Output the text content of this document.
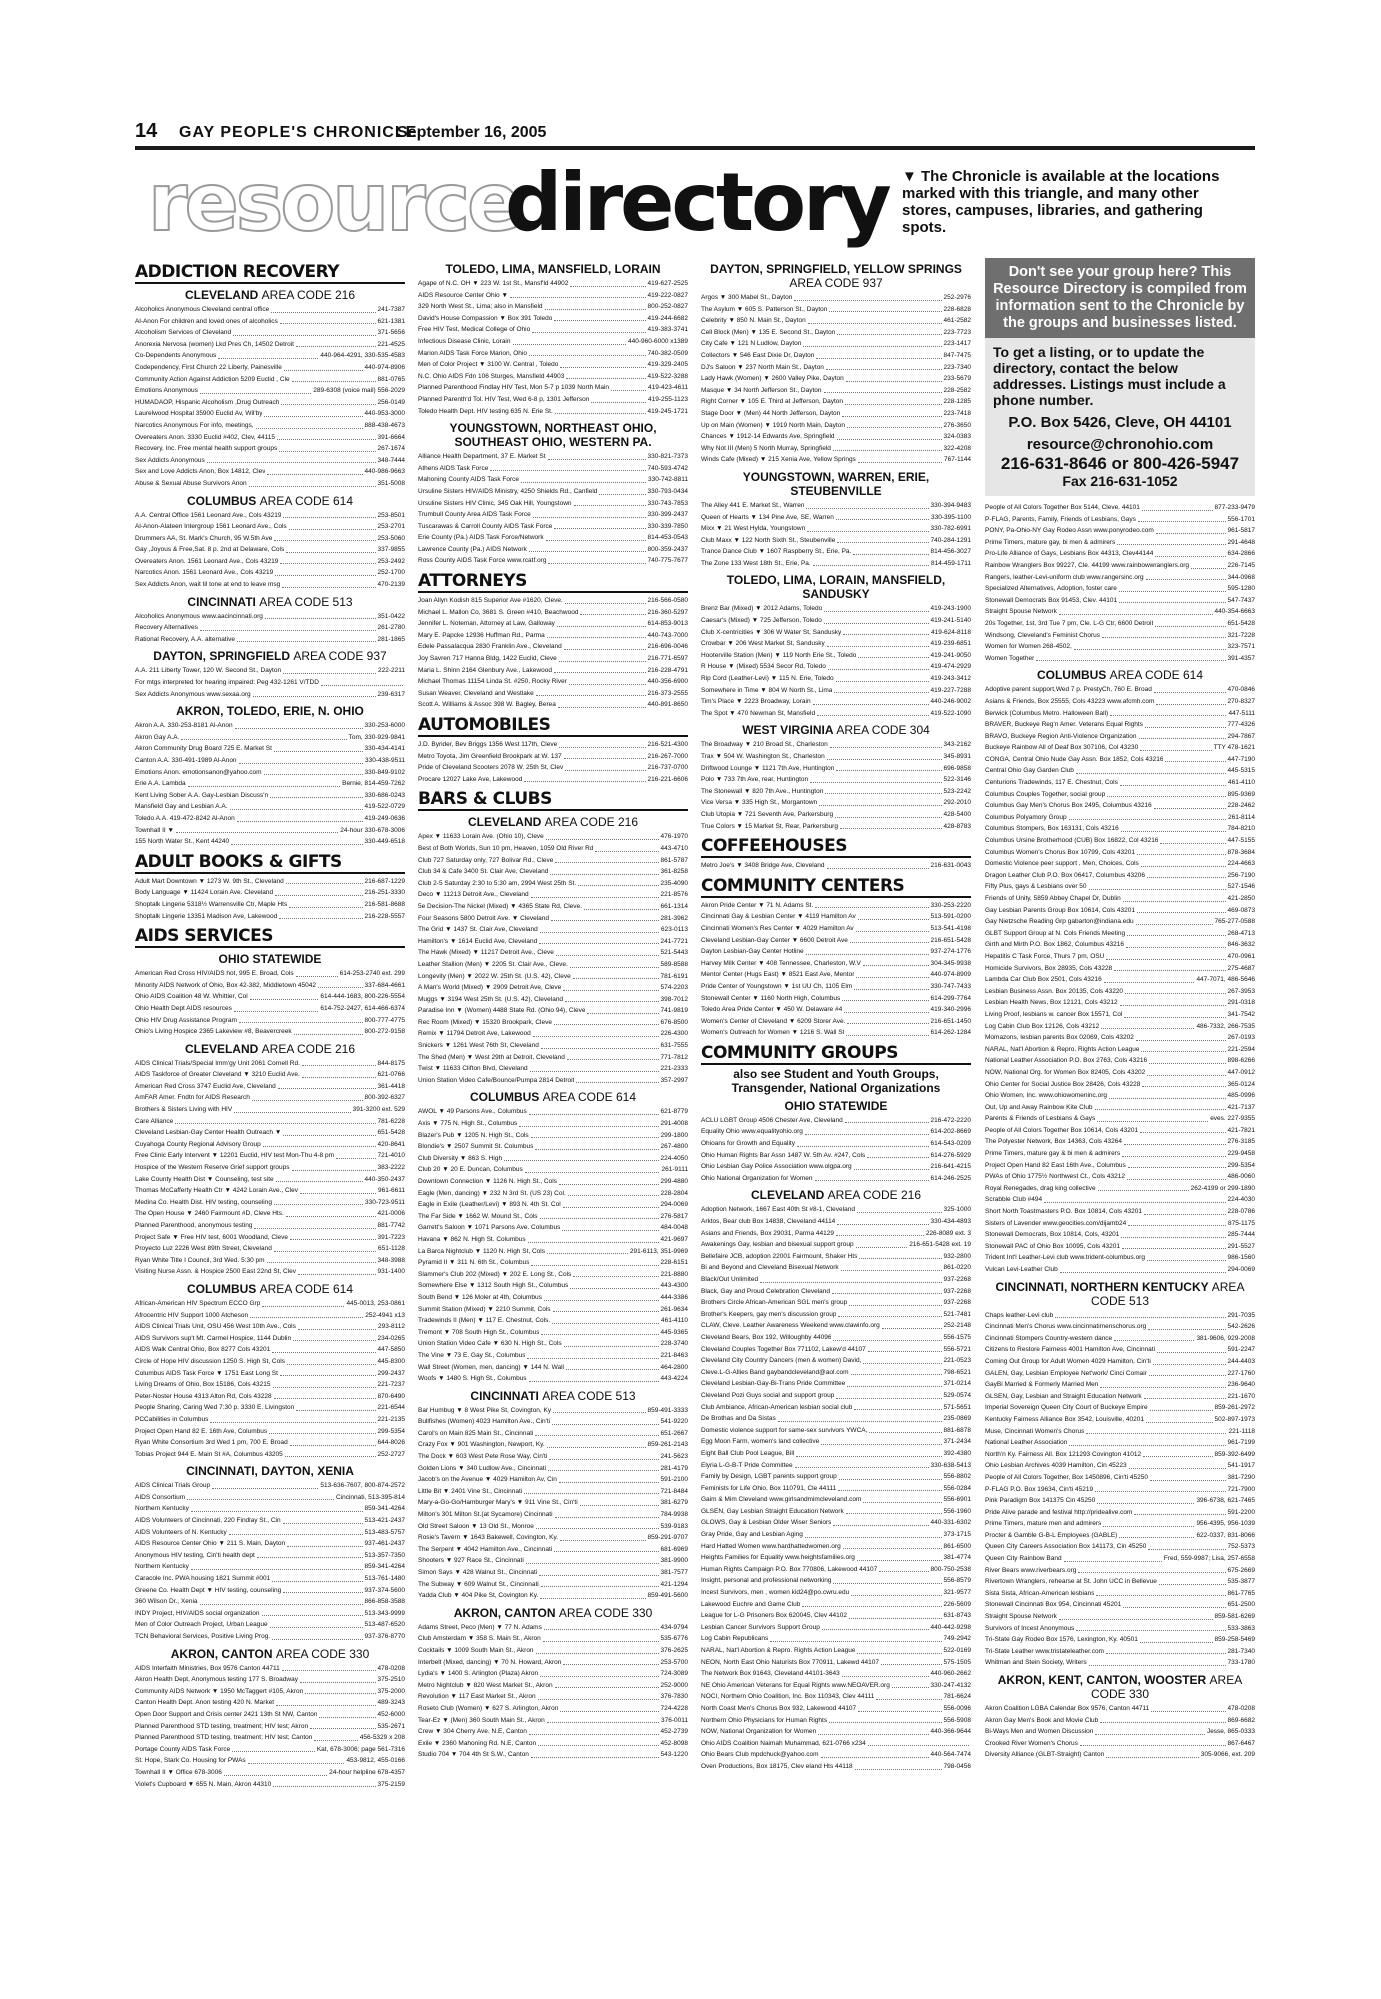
14 GAY PEOPLE'S CHRONICLE
September 16, 2005
resource
directory ▼ The Chronicle is available at the locations marked with this triangle, and many other stores, campuses, libraries, and gathering spots.
ADDICTION RECOVERY
CLEVELAND AREA CODE 216
Alcoholics Anonymous Cleveland central office	241-7387
Al-Anon For children and loved ones of alcoholics	621-1381
Alcoholism Services of Cleveland	371-5656
Anorexia Nervosa (women) Lkd Pres Ch, 14502 Detroit	221-4525
Co-Dependents Anonymous	440-964-4291, 330-535-4583
Codependency, First Church 22 Liberty, Painesville	440-974-8906
Community Action Against Addiction 5209 Euclid , Cle	881-0765
Emotions Anonymous	289-6308 (voice mail) 556-2029
HUMADAOP, Hispanic Alcoholism ,Drug Outreach	256-0149
Laurelwood Hospital 35900 Euclid Av, Wil'by	440-953-3000
Narcotics Anonymous For info, meetings,	888-438-4673
Overeaters Anon. 3330 Euclid #402, Clev, 44115	391-6664
Recovery, Inc. Free mental health support groups	267-1674
Sex Addicts Anonymous	348-7444
Sex and Love Addicts Anon, Box 14812, Clev	440-986-9663
Abuse & Sexual Abuse Survivors Anon	351-5008
COLUMBUS AREA CODE 614
A.A. Central Office 1561 Leonard Ave., Cols 43219	253-8501
Al-Anon-Alateen Intergroup 1561 Leonard Ave., Cols	253-2701
Drummers AA, St. Mark's Church, 95 W.5th Ave	253-5060
Gay ,Joyous & Free,Sat. 8 p. 2nd at Delaware, Cols	337-9855
Overeaters Anon. 1561 Leonard Ave., Cols 43219	253-2492
Narcotics Anon. 1561 Leonard Ave., Cols 43219	252-1700
Sex Addicts Anon, wait til tone at end to leave msg	470-2139
CINCINNATI AREA CODE 513
Alcoholics Anonymous www.aacincinnati.org	351-0422
Recovery Alternatives	261-2780
Rational Recovery, A.A. alternative	281-1865
DAYTON, SPRINGFIELD AREA CODE 937
A.A. 211 Liberty Tower, 120 W. Second St., Dayton	222-2211
For mtgs interpreted for hearing impaired: Peg 432-1261 V/TDD
Sex Addicts Anonymous www.sexaa.org	239-6317
AKRON, TOLEDO, ERIE, N. OHIO
Akron A.A. 330-253-8181 Al-Anon	330-253-6000
Akron Gay A.A.	Tom, 330-929-9841
Akron Community Drug Board 725 E. Market St	330-434-4141
Canton A.A. 330-491-1989 Al-Anon	330-438-9511
Emotions Anon. emotionsanon@yahoo.com	330-849-9102
Erie A.A. Lambda	Bernie, 814-459-7262
Kent Living Sober A.A. Gay-Lesbian Discuss'n	330-686-0243
Mansfield Gay and Lesbian A.A.	419-522-0729
Toledo A.A. 419-472-8242 Al-Anon	419-249-0636
Townhall II ▼	24-hour 330-678-3006
155 North Water St., Kent 44240	330-449-6518
ADULT BOOKS & GIFTS
Adult Mart Downtown ▼ 1273 W. 9th St., Cleveland	216-687-1229
Body Language ▼ 11424 Lorain Ave. Cleveland	216-251-3330
Shoptalk Lingerie 5318½ Warrensville Ctr, Maple Hts	216-581-8688
Shoptalk Lingerie 13351 Madison Ave, Lakewood	216-228-5557
AIDS SERVICES
OHIO STATEWIDE
American Red Cross HIV/AIDS hot, 995 E. Broad, Cols	614-253-2740 ext. 299
Minority AIDS Network of Ohio, Box 42-382, Middletown 45042	337-684-4661
Ohio AIDS Coalition 48 W. Whittier, Col	614-444-1683, 800-226-5554
Ohio Health Dept AIDS resources	614-752-2427, 614-466-6374
Ohio HIV Drug Assistance Program	800-777-4775
Ohio's Living Hospice 2365 Lakeview #8, Beavercreek	800-272-9158
CLEVELAND AREA CODE 216
AIDS Clinical Trials/Special Imm'gy Unit 2061 Cornell Rd.	844-8175
AIDS Taskforce of Greater Cleveland ▼ 3210 Euclid Ave.	621-0766
American Red Cross 3747 Euclid Ave, Cleveland	361-4418
AmFAR Amer. Fndtn for AIDS Research	800-392-6327
Brothers & Sisters Living with HIV	391-3200 ext. 529
Care Alliance	781-6228
Cleveland Lesbian-Gay Center Health Outreach ▼	651-5428
Cuyahoga County Regional Advisory Group	420-8641
Free Clinic Early Intervent ▼ 12201 Euclid, HIV test Mon-Thu 4-8 pm	721-4010
Hospice of the Western Reserve Grief support groups	383-2222
Lake County Health Dist ▼ Counseling, test site	440-350-2437
Thomas McCafferty Health Ctr ▼ 4242 Lorain Ave., Clev	961-6611
Medina Co. Health Dist. HIV testing, counseling	330-723-9511
The Open House ▼ 2460 Fairmount #D, Cleve Hts.	421-0006
Planned Parenthood, anonymous testing	881-7742
Project Safe ▼ Free HIV test, 6001 Woodland, Cleve	391-7223
Proyecto Luz 2226 West 89th Street, Cleveland	651-1128
Ryan White Title I Council, 3rd Wed. 5:30 pm	348-3988
Visiting Nurse Assn. & Hospice 2500 East 22nd St, Clev	931-1400
COLUMBUS AREA CODE 614
African-American HIV Spectrum ECCO Grp	445-0013, 253-0861
Afrocentric HIV Support 1000 Atcheson	252-4941 x13
AIDS Clinical Trials Unit, OSU 456 West 10th Ave., Cols	293-8112
AIDS Survivors sup't Mt. Carmel Hospice, 1144 Dublin	234-0265
AIDS Walk Central Ohio, Box 8277 Cols 43201	447-5850
Circle of Hope HIV discussion 1250 S. High St, Cols	445-8300
Columbus AIDS Task Force ▼ 1751 East Long St	299-2437
Living Dreams of Ohio, Box 15186, Cols 43215	221-7237
Peter-Noster House 4313 Alton Rd, Cols 43228	870-6490
People Sharing, Caring Wed 7:30 p. 3330 E. Livingston	221-6544
PCCabilities in Columbus	221-2135
Project Open Hand 82 E. 16th Ave, Columbus	299-5354
Ryan White Consortium 3rd Wed 1 pm, 700 E. Broad	644-8026
Tobias Project 944 E. Main St #A, Columbus 43205	252-2727
CINCINNATI, DAYTON, XENIA
AIDS Clinical Trials Group	513-636-7607, 800-874-2572
AIDS Consortium	Cincinnati, 513-395-814
Northern Kentucky	859-341-4264
AIDS Volunteers of Cincinnati, 220 Findlay St., Cin	513-421-2437
AIDS Volunteers of N. Kentucky	513-483-5757
AIDS Resource Center Ohio ▼ 211 S. Main, Dayton	937-461-2437
Anonymous HIV testing, Cin'ti health dept	513-357-7350
Northern Kentucky	859-341-4264
Caracole Inc. PWA housing 1821 Summit #001	513-761-1480
Greene Co. Health Dept ▼ HIV testing, counseling	937-374-5600
360 Wilson Dr., Xenia	866-858-3588
INDY Project, HIV/AIDS social organization	513-343-9999
Men of Color Outreach Project, Urban League	513-487-6520
TCN Behavioral Services, Positive Living Prog.	937-376-8770
AKRON, CANTON AREA CODE 330
AIDS Interfaith Ministries, Box 9576 Canton 44711	478-0208
Akron Health Dept, Anonymous testing 177 S. Broadway	375-2510
Community AIDS Network ▼ 1950 McTaggert #105, Akron	375-2000
Canton Health Dept. Anon testing 420 N. Market	489-3243
Open Door Support and Crisis center 2421 13th St NW, Canton	452-6000
Planned Parenthood STD testing, treatment; HIV test; Akron	535-2671
Planned Parenthood STD testing, treatment; HIV test; Canton	456-5329 x 208
Portage County AIDS Task Force	Kat, 678-3006; page 561-7316
St. Hope, Stark Co. Housing for PWAs	453-9812, 455-0166
Townhall II ▼ Office 678-3006	24-hour helpline 678-4357
Violet's Cupboard ▼ 655 N. Main, Akron 44310	375-2159
TOLEDO, LIMA, MANSFIELD, LORAIN
Agape of N.C. OH ▼ 223 W. 1st St., Mansf'ld 44902	419-627-2525
AIDS Resource Center Ohio ▼	419-222-0827
329 North West St., Lima; also in Mansfield	800-252-0827
David's House Compassion ▼ Box 391 Toledo	419-244-6682
Free HIV Test, Medical College of Ohio	419-383-3741
Infectious Disease Clinic, Lorain	440-960-6000 x1389
Marion AIDS Task Force Marion, Ohio	740-382-0509
Men of Color Project ▼ 3100 W. Central , Toledo	419-329-2405
N.C. Ohio AIDS Fdn 106 Sturges, Mansfield 44903	419-522-3288
Planned Parenthood Findlay HIV Test, Mon 5-7 p 1039 North Main	419-423-4611
Planned Parenth'd Tol. HIV Test, Wed 6-8 p, 1301 Jefferson	419-255-1123
Toledo Health Dept. HIV testing 635 N. Erie St.	419-245-1721
YOUNGSTOWN, NORTHEAST OHIO, SOUTHEAST OHIO, WESTERN PA.
Alliance Health Department, 37 E. Market St	330-821-7373
Athens AIDS Task Force	740-593-4742
Mahoning County AIDS Task Force	330-742-8811
Ursuline Sisters HIV/AIDS Ministry, 4250 Shields Rd., Canfield	330-793-0434
Ursuline Sisters HIV Clinic, 345 Oak Hill, Youngstown	330-743-7853
Trumbull County Area AIDS Task Force	330-399-2437
Tuscarawas & Carroll County AIDS Task Force	330-339-7850
Erie County (Pa.) AIDS Task Force/Network	814-453-0543
Lawrence County (Pa.) AIDS Network	800-359-2437
Ross County AIDS Task Force www.rcatf.org	740-775-7677
ATTORNEYS
Joan Allyn Kodish 815 Superior Ave #1620, Cleve.	216-566-0580
Michael L. Mallon Co, 3681 S. Green #410, Beachwood	216-360-5297
Jennifer L. Noteman, Attorney at Law, Galloway	614-853-9013
Mary E. Papcke 12936 Huffman Rd., Parma	440-743-7000
Edele Passalacqua 2830 Franklin Ave., Cleveland	216-696-0046
Joy Savren 717 Hanna Bldg, 1422 Euclid, Cleve	216-771-6597
Maria L. Shinn 2164 Glenbury Ave., Lakewood	216-228-4791
Michael Thomas 11154 Linda St. #250, Rocky River	440-356-6900
Susan Weaver, Cleveland and Westlake	216-373-2555
Scott A. Williams & Assoc 398 W. Bagley, Berea	440-891-8650
AUTOMOBILES
J.D. Byrider, Bev Briggs 1356 West 117th, Cleve	216-521-4300
Metro Toyota, Jim Greenfield Brookpark at W. 137	216-267-7000
Pride of Cleveland Scooters 2078 W. 25th St, Clev	216-737-0700
Procare 12027 Lake Ave, Lakewood	216-221-6606
BARS & CLUBS
CLEVELAND AREA CODE 216
Apex ▼ 11633 Lorain Ave. (Ohio 10), Cleve	476-1970
Best of Both Worlds, Sun 10 pm, Heaven, 1059 Old River Rd	443-4710
Club 727 Saturday only, 727 Bolivar Rd., Cleve	861-5787
Club 34 & Cafe 3400 St. Clair Ave, Cleveland	361-8258
Club 2-5 Saturday 2:30 to 5:30 am, 2994 West 25th St.	235-4090
Deco ▼ 11213 Detroit Ave., Cleveland	221-8576
5e Decision-The Nickel (Mixed) ▼ 4365 State Rd, Cleve.	661-1314
Four Seasons 5800 Detroit Ave. ▼ Cleveland	281-3962
The Grid ▼ 1437 St. Clair Ave, Cleveland	623-0113
Hamilton's ▼ 1614 Euclid Ave, Cleveland	241-7721
The Hawk (Mixed) ▼ 11217 Detroit Ave., Cleve	521-5443
Leather Stallion (Men) ▼ 2205 St. Clair Ave., Cleve.	589-8588
Longevity (Men) ▼ 2022 W. 25th St. (U.S. 42), Cleve	781-6191
A Man's World (Mixed) ▼ 2909 Detroit Ave, Cleve	574-2203
Muggs ▼ 3194 West 25th St. (U.S. 42), Cleveland	398-7012
Paradise Inn ▼ (Women) 4488 State Rd. (Ohio 94), Cleve	741-9819
Rec Room (Mixed) ▼ 15320 Brookpark, Cleve	676-8500
Remix ▼ 11794 Detroit Ave, Lakewood	226-4300
Snickers ▼ 1261 West 76th St, Cleveland	631-7555
The Shed (Men) ▼ West 29th at Detroit, Cleveland	771-7812
Twist ▼ 11633 Clifton Blvd, Cleveland	221-2333
Union Station Video Cafe/Bounce/Pumpa 2814 Detroit	357-2997
COLUMBUS AREA CODE 614
AWOL ▼ 49 Parsons Ave., Columbus	621-8779
Axis ▼ 775 N. High St., Columbus	291-4008
Blazer's Pub ▼ 1205 N. High St., Cols	299-1800
Blondie's ▼ 2507 Summit St. Columbus	267-4800
Club Diversity ▼ 863 S. High	224-4050
Club 20 ▼ 20 E. Duncan, Columbus	261-9111
Downtown Connection ▼ 1126 N. High St., Cols	299-4880
Eagle (Men, dancing) ▼ 232 N 3rd St. (US 23) Col.	228-2804
Eagle in Exile (Leather/Levi) ▼ 893 N. 4th St. Col	294-0069
The Far Side ▼ 1662 W. Mound St., Cols	276-5817
Garrett's Saloon ▼ 1071 Parsons Ave. Columbus	484-0048
Havana ▼ 862 N. High St. Columbus	421-9697
La Barca Nightclub ▼ 1120 N. High St, Cols	291-6113, 351-9969
Pyramid II ▼ 311 N. 6th St., Columbus	228-6151
Slammer's Club 202 (Mixed) ▼ 202 E. Long St., Cols	221-8880
Somewhere Else ▼ 1312 South High St., Columbus	443-4300
South Bend ▼ 126 Moler at 4th, Columbus	444-3386
Summit Station (Mixed) ▼ 2210 Summit, Cols	261-9634
Tradewinds II (Men) ▼ 117 E. Chestnut, Cols.	461-4110
Tremont ▼ 708 South High St., Columbus	445-9365
Union Station Video Cafe ▼ 630 N. High St., Cols	228-3740
The Vine ▼ 73 E. Gay St., Columbus	221-8463
Wall Street (Women, men, dancing) ▼ 144 N. Wall	464-2800
Woofs ▼ 1480 S. High St., Columbus	443-4224
CINCINNATI AREA CODE 513
Bar Humbug ▼ 8 West Pike St, Covington, Ky	859-491-3333
Bullfishes (Women) 4023 Hamilton Ave., Cin'ti	541-9220
Carol's on Main 825 Main St., Cincinnati	651-2667
Crazy Fox ▼ 901 Washington, Newport, Ky.	859-261-2143
The Dock ▼ 603 West Pete Rose Way, Cin'ti	241-5623
Golden Lions ▼ 340 Ludlow Ave., Cincinnati	281-4179
Jacob's on the Avenue ▼ 4029 Hamilton Av, Cin	591-2100
Little Bit ▼ 2401 Vine St., Cincinnati	721-8484
Mary-a-Go-Go/Hamburger Mary's ▼ 911 Vine St., Cin'ti	381-6279
Milton's 301 Milton St.(at Sycamore) Cincinnati	784-9938
Old Street Saloon ▼ 13 Old St., Monroe	539-9183
Rosie's Tavern ▼ 1643 Bakewell, Covington, Ky.	859-291-9707
The Serpent ▼ 4042 Hamilton Ave., Cincinnati	681-6969
Shooters ▼ 927 Race St., Cincinnati	381-9900
Simon Says ▼ 428 Walnut St., Cincinnati	381-7577
The Subway ▼ 609 Walnut St., Cincinnati	421-1294
Yadda Club ▼ 404 Pike St, Covington Ky.	859-491-5600
AKRON, CANTON AREA CODE 330
Adams Street, Peco (Men) ▼ 77 N. Adams	434-9794
Club Amsterdam ▼ 358 S. Main St., Akron	535-6776
Cocktails ▼ 1009 South Main St., Akron	376-2625
Interbelt (Mixed, dancing) ▼ 70 N. Howard, Akron	253-5700
Lydia's ▼ 1400 S. Arlington (Plaza) Akron	724-3089
Metro Nightclub ▼ 820 West Market St., Akron	252-9000
Revolution ▼ 117 East Market St., Akron	376-7830
Roseto Club (Women) ▼ 627 S. Arlington, Akron	724-4228
Tear-Ez ▼ (Men) 360 South Main St., Akron	376-0011
Crew ▼ 304 Cherry Ave. N.E, Canton	452-2739
Exile ▼ 2360 Mahoning Rd. N.E, Canton	452-8098
Studio 704 ▼ 704 4th St S.W., Canton	543-1220
DAYTON, SPRINGFIELD, YELLOW SPRINGS AREA CODE 937
Argos ▼ 300 Mabel St., Dayton	252-2976
The Asylum ▼ 605 S. Patterson St., Dayton	228-6828
Celebrity ▼ 850 N. Main St., Dayton	461-2582
Cell Block (Men) ▼ 135 E. Second St., Dayton	223-7723
City Cafe ▼ 121 N Ludlow, Dayton	223-1417
Collectors ▼ 546 East Dixie Dr, Dayton	847-7475
DJ's Saloon ▼ 237 North Main St., Dayton	223-7340
Lady Hawk (Women) ▼ 2600 Valley Pike, Dayton	233-5679
Masque ▼ 34 North Jefferson St., Dayton	228-2582
Right Corner ▼ 105 E. Third at Jefferson, Dayton	228-1285
Stage Door ▼ (Men) 44 North Jefferson, Dayton	223-7418
Up on Main (Women) ▼ 1919 North Main, Dayton	276-3650
Chances ▼ 1912-14 Edwards Ave, Springfield	324-0383
Why Not III (Men) 5 North Murray, Springfield	322-4208
Winds Cafe (Mixed) ▼ 215 Xenia Ave, Yellow Springs	767-1144
YOUNGSTOWN, WARREN, ERIE, STEUBENVILLE
The Alley 441 E. Market St., Warren	330-394-9483
Queen of Hearts ▼ 134 Pine Ave, SE, Warren	330-395-1100
Mixx ▼ 21 West Hylda, Youngstown	330-782-6991
Club Maxx ▼ 122 North Sixth St., Steubenville	740-284-1291
Trance Dance Club ▼ 1607 Raspberry St., Erie, Pa.	814-456-3027
The Zone 133 West 18th St., Erie, Pa.	814-459-1711
TOLEDO, LIMA, LORAIN, MANSFIELD, SANDUSKY
Brenz Bar (Mixed) ▼ 2012 Adams, Toledo	419-243-1900
Caesar's (Mixed) ▼ 725 Jefferson, Toledo	419-241-5140
Club X-centricities ▼ 306 W Water St, Sandusky	419-624-8118
Crowbar ▼ 206 West Market St, Sandusky	419-239-6851
Hooterville Station (Men) ▼ 119 North Erie St., Toledo	419-241-9050
R House ▼ (Mixed) 5534 Secor Rd, Toledo	419-474-2929
Rip Cord (Leather-Levi) ▼ 115 N. Erie, Toledo	419-243-3412
Somewhere in Time ▼ 804 W North St., Lima	419-227-7288
Tim's Place ▼ 2223 Broadway, Lorain	440-246-9002
The Spot ▼ 470 Newman St, Mansfield	419-522-1090
WEST VIRGINIA AREA CODE 304
The Broadway ▼ 210 Broad St., Charleston	343-2162
Trax ▼ 504 W. Washington St., Charleston	345-8931
Driftwood Lounge ▼ 1121 7th Ave, Huntington	696-9858
Polo ▼ 733 7th Ave, rear, Huntington	522-3146
The Stonewall ▼ 820 7th Ave., Huntington	523-2242
Vice Versa ▼ 335 High St., Morgantown	292-2010
Club Utopia ▼ 721 Seventh Ave, Parkersburg	428-5400
True Colors ▼ 15 Market St, Rear, Parkersburg	428-8783
COFFEEHOUSES
Metro Joe's ▼ 3408 Bridge Ave, Cleveland	216-631-0043
COMMUNITY CENTERS
Akron Pride Center ▼ 71 N. Adams St.	330-253-2220
Cincinnati Gay & Lesbian Center ▼ 4119 Hamilton Av	513-591-0200
Cincinnati Women's Res Center ▼ 4029 Hamilton Av	513-541-4198
Cleveland Lesbian-Gay Center ▼ 6600 Detroit Ave	216-651-5428
Dayton Lesbian-Gay Center Hotline	937-274-1776
Harvey Milk Center ▼ 408 Tennessee, Charleston, W.V	304-345-9938
Mentor Center (Hugs East) ▼ 8521 East Ave, Mentor	440-974-8909
Pride Center of Youngstown ▼ 1st UU Ch, 1105 Elm	330-747-7433
Stonewall Center ▼ 1160 North High, Columbus	614-299-7764
Toledo Area Pride Center ▼ 450 W. Delaware #4	419-340-2996
Women's Center of Cleveland ▼ 6209 Storer Ave.	216-651-1450
Women's Outreach for Women ▼ 1216 S. Wall St	614-262-1284
COMMUNITY GROUPS
also see Student and Youth Groups, Transgender, National Organizations
OHIO STATEWIDE
ACLU LGBT Group 4506 Chester Ave, Cleveland	216-472-2220
Equality Ohio www.equalityohio.org	614-202-8669
Ohioans for Growth and Equality	614-543-0209
Ohio Human Rights Bar Assn 1487 W. 5th Av. #247, Cols	614-276-5929
Ohio Lesbian Gay Police Association www.olgpa.org	216-641-4215
Ohio National Organization for Women	614-246-2525
CLEVELAND AREA CODE 216
Adoption Network, 1667 East 40th St #8-1, Cleveland	325-1000
Arktos, Bear club Box 14838, Cleveland 44114	330-434-4893
Asians and Friends, Box 29031, Parma 44129	226-8089 ext. 3
Awakenings Gay, lesbian and bisexual support group	216-651-5428 ext. 19
Bellefaire JCB, adoption 22001 Fairmount, Shaker Hts	932-2800
Bi and Beyond and Cleveland Bisexual Network	861-0220
Black/Out Unlimited	937-2268
Black, Gay and Proud Celebration Cleveland	937-2268
Brothers Circle African-American SGL men's group	937-2268
Brother's Keepers, gay men's discussion group	521-7481
CLAW, Cleve. Leather Awareness Weekend www.clawinfo.org	252-2148
Cleveland Bears, Box 192, Willoughby 44096	556-1575
Cleveland Couples Together Box 771102, Lakew'd 44107	556-5721
Cleveland City Country Dancers (men & women) David,	221-0523
Cleve.L-G-Allies Band gaybandcleveland@aol.com	798-6521
Cleveland Lesbian-Gay-Bi-Trans Pride Committee	371-0214
Cleveland Pozi Guys social and support group	529-0574
Club Ambiance, African-American lesbian social club	571-5651
De Brothas and Da Sistas	235-0869
Domestic violence support for same-sex survivors YWCA,	881-6878
Egg Moon Farm, women's land collective	371-2434
Eight Ball Club Pool League, Bill	392-4380
Elyria L-G-B-T Pride Committee	330-638-5413
Family by Design, LGBT parents support group	556-8802
Feminists for Life Ohio, Box 110791, Cle 44111	556-0284
Gaim & Mim Cleveland www.girlsandmimcleveland.com	556-6901
GLSEN, Gay Lesbian Straight Education Network	556-1960
GLOWS, Gay & Lesbian Older Wiser Seniors	440-331-6302
Gray Pride, Gay and Lesbian Aging	373-1715
Hard Hatted Women www.hardhattedwomen.org	861-6500
Heights Families for Equality www.heightsfamilies.org	381-4774
Human Rights Campaign P.O. Box 770806, Lakewood 44107	800-750-2538
Insight, personal and professional networking	556-8579
Incest Survivors, men , women kid24@po.cwru.edu	321-9577
Lakewood Euchre and Game Club	226-5609
League for L-G Prisoners Box 620045, Clev 44102	631-8743
Lesbian Cancer Survivors Support Group	440-442-9298
Log Cabin Republicans	749-2942
NARAL, Nat'l Abortion & Repro. Rights Action League	522-0169
NEON, North East Ohio Naturists Box 770911, Lakewd 44107	575-1505
The Network Box 91643, Cleveland 44101-3643	440-960-2662
NE Ohio American Veterans for Equal Rights www.NEOAVER.org	330-247-4132
NOCI, Northern Ohio Coalition, Inc. Box 110343, Clev 44111	781-6624
North Coast Men's Chorus Box 932, Lakewood 44107	556-0096
Northern Ohio Physicians for Human Rights	556-5908
NOW, National Organization for Women	440-366-9644
Ohio AIDS Coalition Naimah Muhammad, 621-0766 x234
Ohio Bears Club mpdchuck@yahoo.com	440-564-7474
Oven Productions, Box 18175, Clev eland Hts 44118	798-0456
Don't see your group here? This Resource Directory is compiled from information sent to the Chronicle by the groups and businesses listed.
To get a listing, or to update the directory, contact the below addresses. Listings must include a phone number.
P.O. Box 5426, Cleve, OH 44101
resource@chronohio.com
216-631-8646 or 800-426-5947
Fax 216-631-1052
People of All Colors Together Box 5144, Cleve. 44101	877-233-9479
P-FLAG, Parents, Family, Friends of Lesbians, Gays	556-1701
PONY, Pa-Ohio-NY Gay Rodeo Assn www.ponyrodeo.com	961-5817
Prime Timers, mature gay, bi men & admirers	291-4648
Pro-Life Alliance of Gays, Lesbians Box 44313, Clev44144	634-2866
Rainbow Wranglers Box 99227, Cle. 44199 www.rainbowwranglers.org	226-7145
Rangers, leather-Levi-uniform club www.rangersinc.org	344-0968
Specialized Alternatives, Adoption, foster care	595-1280
Stonewall Democrats Box 91453, Clev. 44101	547-7437
Straight Spouse Network	440-354-6663
20s Together, 1st, 3rd Tue 7 pm, Cle. L-G Ctr, 6600 Detroit	651-5428
Windsong, Cleveland's Feminist Chorus	321-7228
Women for Women 268-4502,	323-7571
Women Together	391-4357
COLUMBUS AREA CODE 614
Adoptive parent support,Wed 7 p. PrestyCh, 760 E. Broad	470-0846
Asians & Friends, Box 25555, Cols 43223 www.afcmh.com	270-8327
Berwick (Columbus Metro. Halloween Ball)	447-5111
BRAVER, Buckeye Reg'n Amer. Veterans Equal Rights	777-4326
BRAVO, Buckeye Region Anti-Violence Organization	294-7867
Buckeye Rainbow All of Deaf Box 307106, Col 43230	TTY 478-1621
CONGA, Central Ohio Nude Gay Assn. Box 1852, Cols 43216	447-7190
Central Ohio Gay Garden Club	445-5315
Centurions Tradewinds, 117 E. Chestnut, Cols	461-4110
Columbus Couples Together, social group	895-9369
Columbus Gay Men's Chorus Box 2495, Columbus 43216	228-2462
Columbus Polyamory Group	261-8114
Columbus Stompers, Box 163131, Cols 43216	784-8210
Columbus Ursine Brotherhood (CUB) Box 16822, Col 43216	447-5155
Columbus Women's Chorus Box 10799, Cols 43201	878-3684
Domestic Violence peer support , Men, Choices, Cols	224-4663
Dragon Leather Club P.O. Box 06417, Columbus 43206	256-7190
Fifty Plus, gays & Lesbians over 50	527-1546
Friends of Unity, 5859 Abbey Chapel Dr, Dublin	421-2850
Gay Lesbian Parents Group Box 10614, Cols 43201	469-0873
Gay Nietzsche Reading Grp gabarton@indiana.edu	765-277-0588
GLBT Support Group at N. Cols Friends Meeting	268-4713
Girth and Mirth P.O. Box 1862, Columbus 43216	846-3632
Hepatitis C Task Force, Thurs 7 pm, OSU	470-0961
Homicide Survivors, Box 28935, Cols 43228	275-4687
Lambda Car Club Box 2501, Cols 43216	447-7071, 486-5646
Lesbian Business Assn. Box 20135, Cols 43220	267-3953
Lesbian Health News, Box 12121, Cols 43212	291-0318
Living Proof, lesbians w. cancer Box 15571, Col	341-7542
Log Cabin Club Box 12126, Cols 43212	486-7332, 266-7535
Momazons, lesbian parents Box 02069, Cols 43202	267-0193
NARAL, Nat'l Abortion & Repro. Rights Action League	221-2594
National Leather Association P.O. Box 2763, Cols 43216	898-6266
NOW, National Org. for Women Box 82405, Cols 43202	447-0912
Ohio Center for Social Justice Box 28426, Cols 43228	365-0124
Ohio Women, Inc. www.ohiowomeninc.org	485-0996
Out, Up and Away Rainbow Kite Club	421-7137
Parents & Friends of Lesbians & Gays	eves. 227-9355
People of All Colors Together Box 10614, Cols 43201	421-7821
The Polyester Network, Box 14363, Cols 43264	276-3185
Prime Timers, mature gay & bi men & admirers	229-9458
Project Open Hand 82 East 16th Ave., Columbus	299-5354
PWAs of Ohio 1775½ Northwest Ct., Cols 43212	486-0060
Royal Renegades, drag king collective	262-4199 or 299-1890
Scrabble Club #494	224-4030
Short North Toastmasters P.O. Box 10814, Cols 43201	228-0786
Sisters of Lavender www.geocities.com/dijamb24	875-1175
Stonewall Democrats, Box 10814, Cols, 43201	285-7444
Stonewall PAC of Ohio Box 10095, Cols 43201	291-5527
Trident Int'l Leather-Levi club www.trident-columbus.org	986-1560
Vulcan Levi-Leather Club	294-0069
CINCINNATI, NORTHERN KENTUCKY AREA CODE 513
Chaps leather-Levi club	291-7035
Cincinnati Men's Chorus www.cincinnatimenschorus.org	542-2626
Cincinnati Stompers Country-western dance	381-9606, 929-2008
Citizens to Restore Fairness 4001 Hamilton Ave, Cincinnati	591-2247
Coming Out Group for Adult Women 4029 Hamilton, Cin'ti	244-4403
GALEN, Gay, Lesbian Employee Net'work/ Cinci Comair	227-1760
GayBi Married & Formerly Married Men	236-9640
GLSEN, Gay, Lesbian and Straight Education Network	221-1670
Imperial Sovereign Queen City Court of Buckeye Empire	859-261-2972
Kentucky Fairness Alliance Box 3542, Louisville, 40201	502-897-1973
Muse, Cincinnati Women's Chorus	221-1118
National Leather Association	961-7199
North'n Ky. Fairness All. Box 121293 Covington 41012	859-392-6499
Ohio Lesbian Archives 4039 Hamilton, Cin 45223	541-1917
People of All Colors Together, Box 1450896, Cin'ti 45250	381-7290
P-FLAG P.O. Box 19634, Cin'ti 45219	721-7900
Pink Paradigm Box 141375 Cin 45250	396-6738, 621-7465
Pride Alive parade and festival http://pridealive.com	591-2200
Prime Timers, mature men and admirers	956-4395, 956-1039
Procter & Gamble G-B-L Employees (GABLE)	622-0337, 831-8066
Queen City Careers Association Box 141173, Cin 45250	752-5373
Queen City Rainbow Band	Fred, 559-9987; Lisa, 257-6558
River Bears www.riverbears.org	675-2669
Rivertown Wranglers, rehearse at St. John UCC in Bellevue	535-3877
Sista Sista, African-American lesbians	861-7765
Stonewall Cincinnati Box 954, Cincinnati 45201	651-2500
Straight Spouse Network	859-581-6269
Survivors of Incest Anonymous	533-3863
Tri-State Gay Rodeo Box 1576, Lexington, Ky. 40501	859-258-5469
Tri-State Leather www.tristateleather.com	281-7340
Whitman and Stein Society, Writers	733-1780
AKRON, KENT, CANTON, WOOSTER AREA CODE 330
Akron Coalition LGBA Calendar Box 9576, Canton 44711	478-0208
Akron Gay Men's Book and Movie Club	869-6682
Bi-Ways Men and Women Discussion	Jesse, 865-0333
Crooked River Women's Chorus	867-6467
Diversity Alliance (GLBT-Straight) Canton	305-9066, ext. 209
